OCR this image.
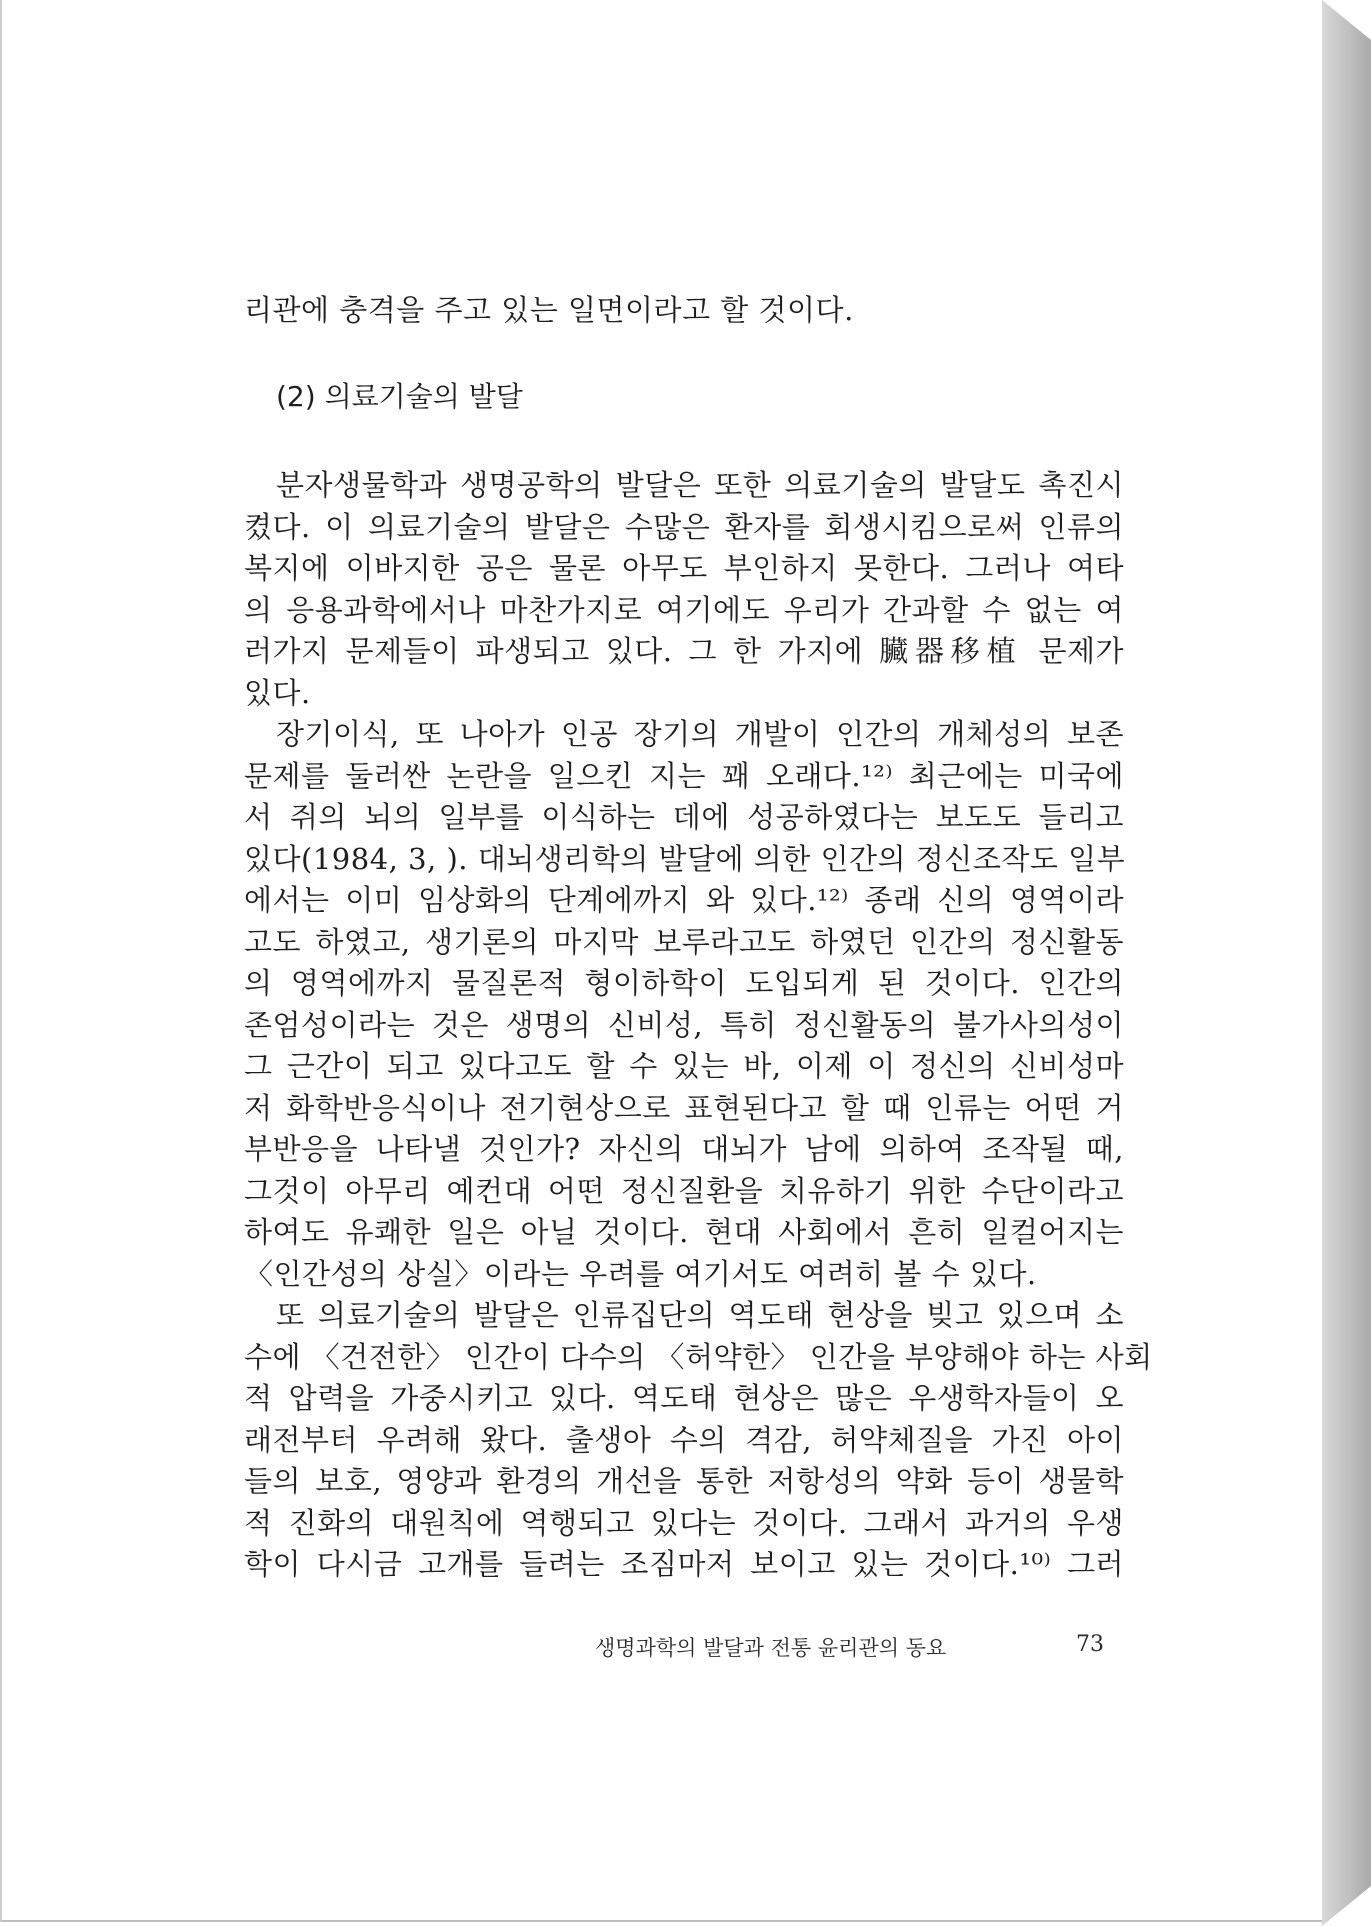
리관에 충격을 주고 있는 일면이라고 할 것이다.
(2) 의료기술의 발달
분자생물학과 생명공학의 발달은 또한 의료기술의 발달도 촉진시
켰다. 이 의료기술의 발달은 수많은 환자를 회생시킴으로써 인류의
복지에 이바지한 공은 물론 아무도 부인하지 못한다. 그러나 여타
의 응용과학에서나 마찬가지로 여기에도 우리가 간과할 수 없는 여
러가지 문제들이 파생되고 있다. 그 한 가지에 臟器移植 문제가
있다.
장기이식, 또 나아가 인공 장기의 개발이 인간의 개체성의 보존
문제를 둘러싼 논란을 일으킨 지는 꽤 오래다.¹²⁾ 최근에는 미국에
서 쥐의 뇌의 일부를 이식하는 데에 성공하였다는 보도도 들리고
있다(1984, 3, ). 대뇌생리학의 발달에 의한 인간의 정신조작도 일부
에서는 이미 임상화의 단계에까지 와 있다.¹²⁾ 종래 신의 영역이라
고도 하였고, 생기론의 마지막 보루라고도 하였던 인간의 정신활동
의 영역에까지 물질론적 형이하학이 도입되게 된 것이다. 인간의
존엄성이라는 것은 생명의 신비성, 특히 정신활동의 불가사의성이
그 근간이 되고 있다고도 할 수 있는 바, 이제 이 정신의 신비성마
저 화학반응식이나 전기현상으로 표현된다고 할 때 인류는 어떤 거
부반응을 나타낼 것인가? 자신의 대뇌가 남에 의하여 조작될 때,
그것이 아무리 예컨대 어떤 정신질환을 치유하기 위한 수단이라고
하여도 유쾌한 일은 아닐 것이다. 현대 사회에서 흔히 일컬어지는
〈인간성의 상실〉이라는 우려를 여기서도 여려히 볼 수 있다.
또 의료기술의 발달은 인류집단의 역도태 현상을 빚고 있으며 소
수에 〈건전한〉 인간이 다수의 〈허약한〉 인간을 부양해야 하는 사회
적 압력을 가중시키고 있다. 역도태 현상은 많은 우생학자들이 오
래전부터 우려해 왔다. 출생아 수의 격감, 허약체질을 가진 아이
들의 보호, 영양과 환경의 개선을 통한 저항성의 약화 등이 생물학
적 진화의 대원칙에 역행되고 있다는 것이다. 그래서 과거의 우생
학이 다시금 고개를 들려는 조짐마저 보이고 있는 것이다.¹⁰⁾ 그러
생명과학의 발달과 전통 윤리관의 동요	73
